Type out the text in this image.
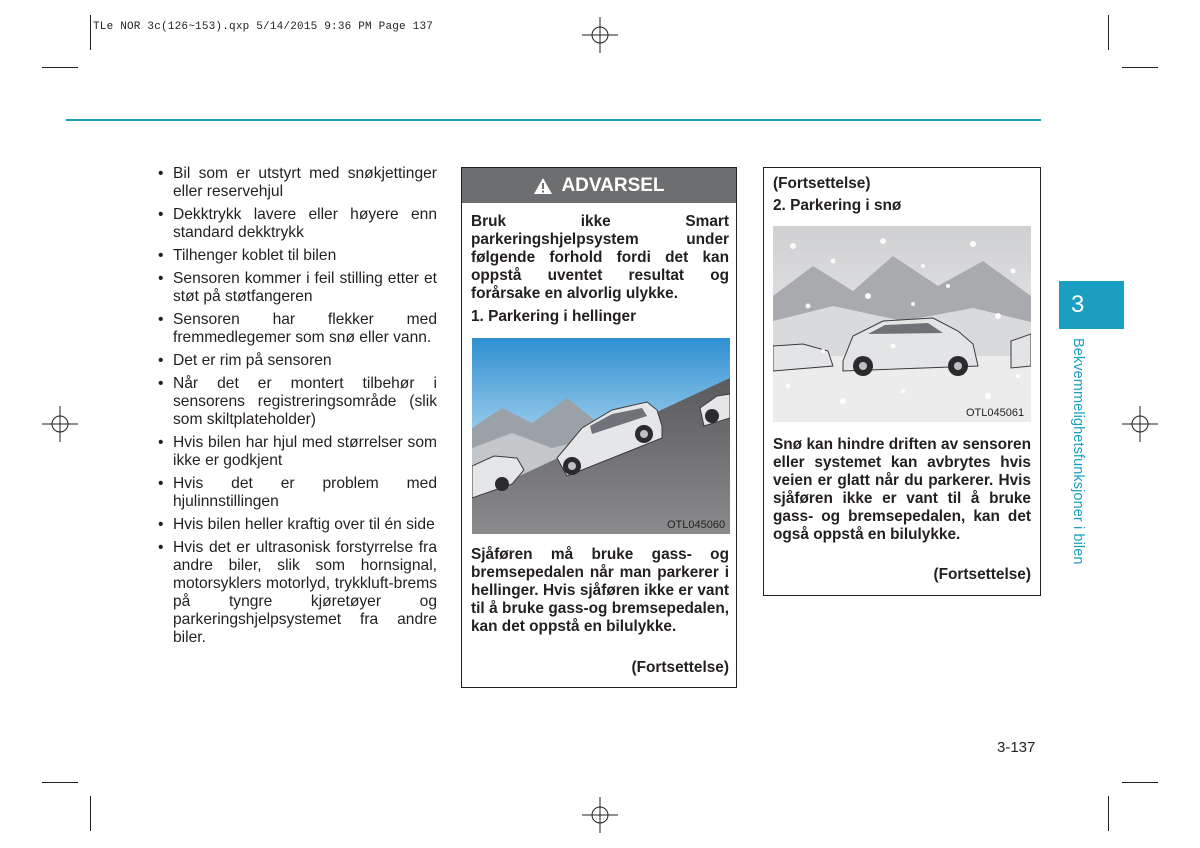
TLe NOR 3c(126~153).qxp 5/14/2015 9:36 PM Page 137
• Bil som er utstyrt med snøkjettinger eller reservehjul
• Dekktrykk lavere eller høyere enn standard dekktrykk
• Tilhenger koblet til bilen
• Sensoren kommer i feil stilling etter et støt på støtfangeren
• Sensoren har flekker med fremmedlegemer som snø eller vann.
• Det er rim på sensoren
• Når det er montert tilbehør i sensorens registreringsområde (slik som skiltplateholder)
• Hvis bilen har hjul med størrelser som ikke er godkjent
• Hvis det er problem med hjulinnstillingen
• Hvis bilen heller kraftig over til én side
• Hvis det er ultrasonisk forstyrrelse fra andre biler, slik som hornsignal, motorsyklers motorlyd, trykkluft-brems på tyngre kjøretøyer og parkeringshjelpsystemet fra andre biler.
ADVARSEL
Bruk ikke Smart parkeringshjelpsystem under følgende forhold fordi det kan oppstå uventet resultat og forårsake en alvorlig ulykke.
1. Parkering i hellinger
OTL045060
Sjåføren må bruke gass- og bremsepedalen når man parkerer i hellinger. Hvis sjåføren ikke er vant til å bruke gass-og bremsepedalen, kan det oppstå en bilulykke.
(Fortsettelse)
(Fortsettelse)
2. Parkering i snø
OTL045061
Snø kan hindre driften av sensoren eller systemet kan avbrytes hvis veien er glatt når du parkerer. Hvis sjåføren ikke er vant til å bruke gass- og bremsepedalen, kan det også oppstå en bilulykke.
(Fortsettelse)
3
Bekvemmelighetsfunksjoner i bilen
3-137
